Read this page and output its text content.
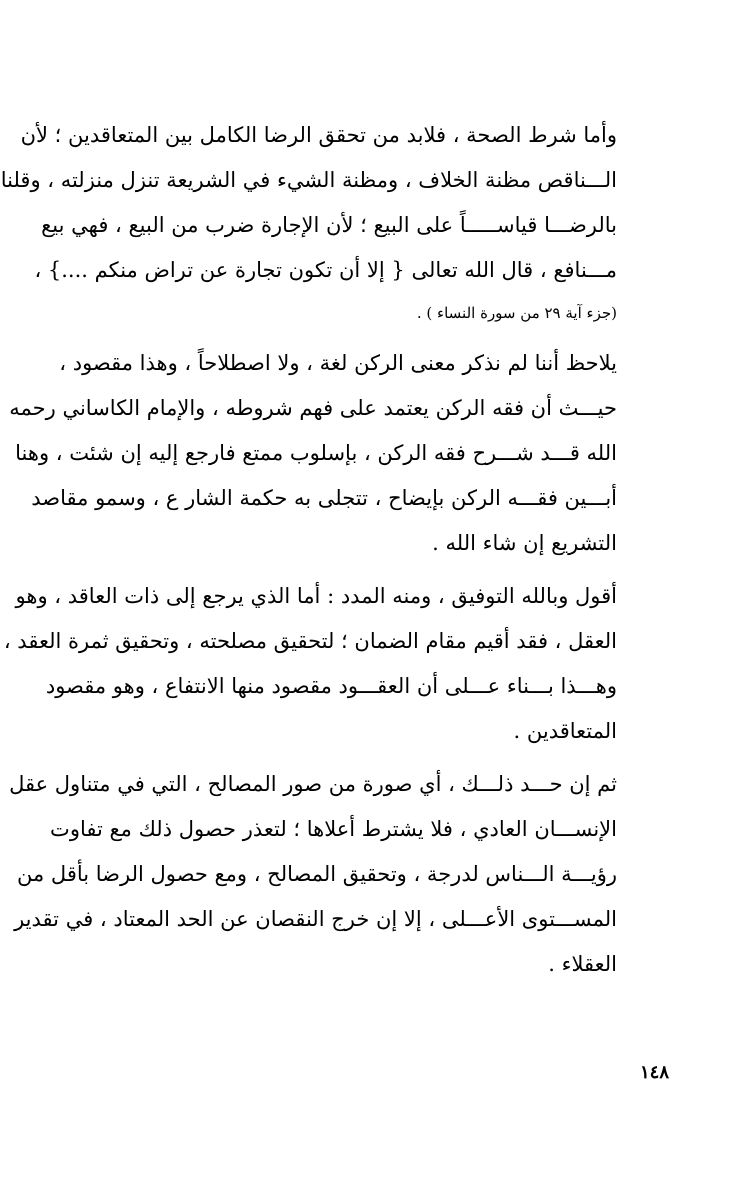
وأما شرط الصحة ، فلابد من تحقق الرضا الكامل بين المتعاقدين ؛ لأن
الـــناقص مظنة الخلاف ، ومظنة الشيء في الشريعة تنزل منزلته ، وقلنا
بالرضـــا قياســـــاً على البيع ؛ لأن الإجارة ضرب من البيع ، فهي بيع
مـــنافع ، قال الله تعالى { إلا أن تكون تجارة عن تراض منكم ....} ،
(جزء آية ٢٩ من سورة النساء ) .
يلاحظ أننا لم نذكر معنى الركن لغة ، ولا اصطلاحاً ، وهذا مقصود ،
حيـــث أن فقه الركن يعتمد على فهم شروطه ، والإمام الكاساني رحمه
الله قـــد شـــرح فقه الركن ، بإسلوب ممتع فارجع إليه إن شئت ، وهنا
أبـــين فقـــه الركن بإيضاح ، تتجلى به حكمة الشار ع ، وسمو مقاصد
التشريع إن شاء الله .
أقول وبالله التوفيق ، ومنه المدد : أما الذي يرجع إلى ذات العاقد ، وهو
العقل ، فقد أقيم مقام الضمان ؛ لتحقيق مصلحته ، وتحقيق ثمرة العقد ،
وهـــذا بـــناء عـــلى أن العقـــود مقصود منها الانتفاع ، وهو مقصود
المتعاقدين .
ثم إن حـــد ذلـــك ، أي صورة من صور المصالح ، التي في متناول عقل
الإنســـان العادي ، فلا يشترط أعلاها ؛ لتعذر حصول ذلك مع تفاوت
رؤيـــة الـــناس لدرجة ، وتحقيق المصالح ، ومع حصول الرضا بأقل من
المســـتوى الأعـــلى ، إلا إن خرج النقصان عن الحد المعتاد ، في تقدير
العقلاء .
١٤٨
